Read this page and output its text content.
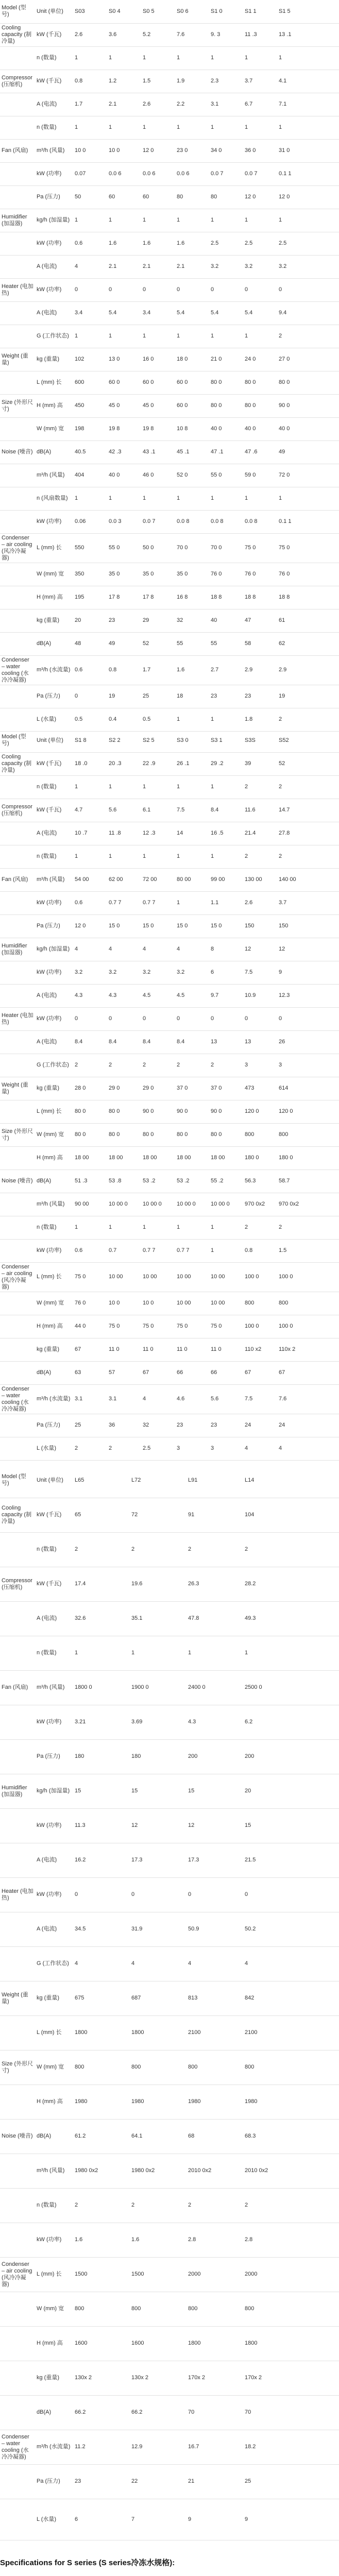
Model (型号)	Unit (单位)	S03	S0 4	S0 5	S0 6	S1 0	S1 1	S1 5
Cooling capacity (制冷量)	kW (千瓦)	2.6	3.6	5.2	7.6	9. 3	11 .3	13 .1
	n (数量)	1	1	1	1	1	1	1
Compressor (压缩机)	kW (千瓦)	0.8	1.2	1.5	1.9	2.3	3.7	4.1
	A (电流)	1.7	2.1	2.6	2.2	3.1	6.7	7.1
	n (数量)	1	1	1	1	1	1	1
Fan (风扇)	m³/h (风量)	10 0	10 0	12 0	23 0	34 0	36 0	31 0
	kW (功率)	0.07	0.0 6	0.0 6	0.0 6	0.0 7	0.0 7	0.1 1
	Pa (压力)	50	60	60	80	80	12 0	12 0
Humidifier (加湿器)	kg/h (加湿量)	1	1	1	1	1	1	1
	kW (功率)	0.6	1.6	1.6	1.6	2.5	2.5	2.5
	A (电流)	4	2.1	2.1	2.1	3.2	3.2	3.2
Heater (电加热)	kW (功率)	0	0	0	0	0	0	0
	A (电流)	3.4	5.4	3.4	5.4	5.4	5.4	9.4
	G (工作状态)	1	1	1	1	1	1	2
Weight (重量)	kg (重量)	102	13 0	16 0	18 0	21 0	24 0	27 0
	L (mm) 长	600	60 0	60 0	60 0	80 0	80 0	80 0
Size (外形尺寸)	H (mm) 高	450	45 0	45 0	60 0	80 0	80 0	90 0
	W (mm) 宽	198	19 8	19 8	10 8	40 0	40 0	40 0
Noise (噪音)	dB(A)	40.5	42 .3	43 .1	45 .1	47 .1	47 .6	49
	m³/h (风量)	404	40 0	46 0	52 0	55 0	59 0	72 0
	n (风扇数量)	1	1	1	1	1	1	1
	kW (功率)	0.06	0.0 3	0.0 7	0.0 8	0.0 8	0.0 8	0.1 1
Condenser – air cooling (风冷冷凝器)	L (mm) 长	550	55 0	50 0	70 0	70 0	75 0	75 0
	W (mm) 宽	350	35 0	35 0	35 0	76 0	76 0	76 0
	H (mm) 高	195	17 8	17 8	16 8	18 8	18 8	18 8
	kg (重量)	20	23	29	32	40	47	61
	dB(A)	48	49	52	55	55	58	62
Condenser – water cooling (水冷冷凝器)	m³/h (水流量)	0.6	0.8	1.7	1.6	2.7	2.9	2.9
	Pa (压力)	0	19	25	18	23	23	19
	L (水量)	0.5	0.4	0.5	1	1	1.8	2
Model (型号)	Unit (单位)	S1 8	S2 2	S2 5	S3 0	S3 1	S3S	S52
Cooling capacity (制冷量)	kW (千瓦)	18 .0	20 .3	22 .9	26 .1	29 .2	39	52
	n (数量)	1	1	1	1	1	2	2
Compressor (压缩机)	kW (千瓦)	4.7	5.6	6.1	7.5	8.4	11.6	14.7
	A (电流)	10 .7	11 .8	12 .3	14	16 .5	21.4	27.8
	n (数量)	1	1	1	1	1	2	2
Fan (风扇)	m³/h (风量)	54 00	62 00	72 00	80 00	99 00	130 00	140 00
	kW (功率)	0.6	0.7 7	0.7 7	1	1.1	2.6	3.7
	Pa (压力)	12 0	15 0	15 0	15 0	15 0	150	150
Humidifier (加湿器)	kg/h (加湿量)	4	4	4	4	8	12	12
	kW (功率)	3.2	3.2	3.2	3.2	6	7.5	9
	A (电流)	4.3	4.3	4.5	4.5	9.7	10.9	12.3
Heater (电加热)	kW (功率)	0	0	0	0	0	0	0
	A (电流)	8.4	8.4	8.4	8.4	13	13	26
	G (工作状态)	2	2	2	2	2	3	3
Weight (重量)	kg (重量)	28 0	29 0	29 0	37 0	37 0	473	614
	L (mm) 长	80 0	80 0	90 0	90 0	90 0	120 0	120 0
Size (外形尺寸)	W (mm) 宽	80 0	80 0	80 0	80 0	80 0	800	800
	H (mm) 高	18 00	18 00	18 00	18 00	18 00	180 0	180 0
Noise (噪音)	dB(A)	51 .3	53 .8	53 .2	53 .2	55 .2	56.3	58.7
	m³/h (风量)	90 00	10 00 0	10 00 0	10 00 0	10 00 0	970 0x2	970 0x2
	n (数量)	1	1	1	1	1	2	2
	kW (功率)	0.6	0.7	0.7 7	0.7 7	1	0.8	1.5
Condenser – air cooling (风冷冷凝器)	L (mm) 长	75 0	10 00	10 00	10 00	10 00	100 0	100 0
	W (mm) 宽	76 0	10 0	10 0	10 00	10 00	800	800
	H (mm) 高	44 0	75 0	75 0	75 0	75 0	100 0	100 0
	kg (重量)	67	11 0	11 0	11 0	11 0	110 x2	110x 2
	dB(A)	63	57	67	66	66	67	67
Condenser – water cooling (水冷冷凝器)	m³/h (水流量)	3.1	3.1	4	4.6	5.6	7.5	7.6
	Pa (压力)	25	36	32	23	23	24	24
	L (水量)	2	2	2.5	3	3	4	4
Model (型号)	Unit (单位)	L65	L72	L91	L14
Cooling capacity (制冷量)	kW (千瓦)	65	72	91	104
	n (数量)	2	2	2	2
Compressor (压缩机)	kW (千瓦)	17.4	19.6	26.3	28.2
	A (电流)	32.6	35.1	47.8	49.3
	n (数量)	1	1	1	1
Fan (风扇)	m³/h (风量)	1800 0	1900 0	2400 0	2500 0
	kW (功率)	3.21	3.69	4.3	6.2
	Pa (压力)	180	180	200	200
Humidifier (加湿器)	kg/h (加湿量)	15	15	15	20
	kW (功率)	11.3	12	12	15
	A (电流)	16.2	17.3	17.3	21.5
Heater (电加热)	kW (功率)	0	0	0	0
	A (电流)	34.5	31.9	50.9	50.2
	G (工作状态)	4	4	4	4
Weight (重量)	kg (重量)	675	687	813	842
	L (mm) 长	1800	1800	2100	2100
Size (外形尺寸)	W (mm) 宽	800	800	800	800
	H (mm) 高	1980	1980	1980	1980
Noise (噪音)	dB(A)	61.2	64.1	68	68.3
	m³/h (风量)	1980 0x2	1980 0x2	2010 0x2	2010 0x2
	n (数量)	2	2	2	2
	kW (功率)	1.6	1.6	2.8	2.8
Condenser – air cooling (风冷冷凝器)	L (mm) 长	1500	1500	2000	2000
	W (mm) 宽	800	800	800	800
	H (mm) 高	1600	1600	1800	1800
	kg (重量)	130x 2	130x 2	170x 2	170x 2
	dB(A)	66.2	66.2	70	70
Condenser – water cooling (水冷冷凝器)	m³/h (水流量)	11.2	12.9	16.7	18.2
	Pa (压力)	23	22	21	25
	L (水量)	6	7	9	9
Specifications for S series (S series冷冻水规格):
